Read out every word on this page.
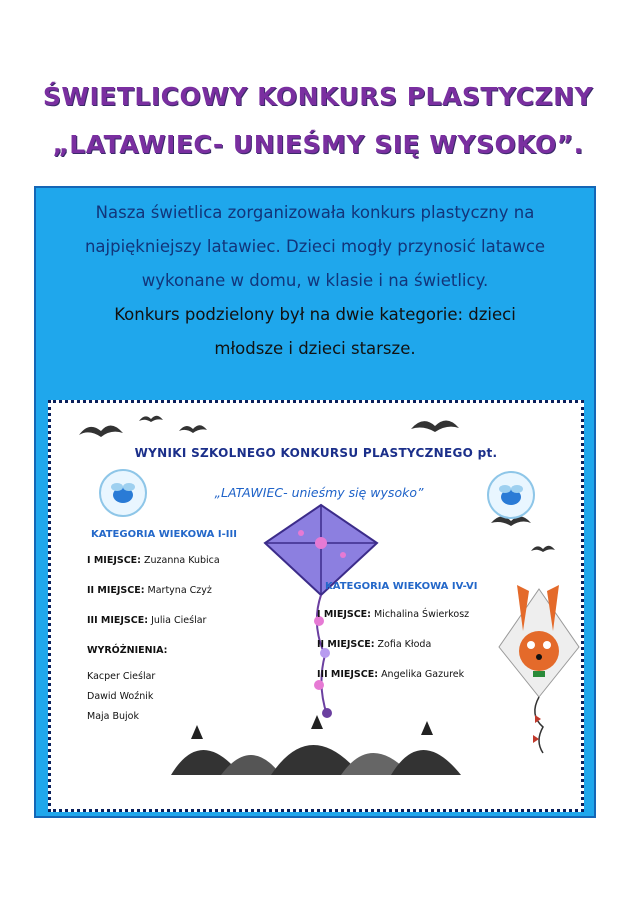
ŚWIETLICOWY KONKURS PLASTYCZNY
„LATAWIEC- UNIEŚMY SIĘ WYSOKO”.
Nasza świetlica zorganizowała konkurs plastyczny na
najpiękniejszy latawiec. Dzieci mogły przynosić latawce
wykonane w domu, w klasie i na świetlicy.
Konkurs podzielony był na dwie kategorie: dzieci
młodsze i dzieci starsze.
WYNIKI SZKOLNEGO KONKURSU PLASTYCZNEGO pt.
„LATAWIEC- unieśmy się wysoko”
KATEGORIA WIEKOWA I-III
I MIEJSCE: Zuzanna Kubica
II MIEJSCE: Martyna Czyż
III MIEJSCE: Julia Cieślar
WYRÓŻNIENIA:
Kacper Cieślar
Dawid Woźnik
Maja Bujok
KATEGORIA WIEKOWA IV-VI
I MIEJSCE: Michalina Świerkosz
II MIEJSCE: Zofia Kłoda
III MIEJSCE: Angelika Gazurek
